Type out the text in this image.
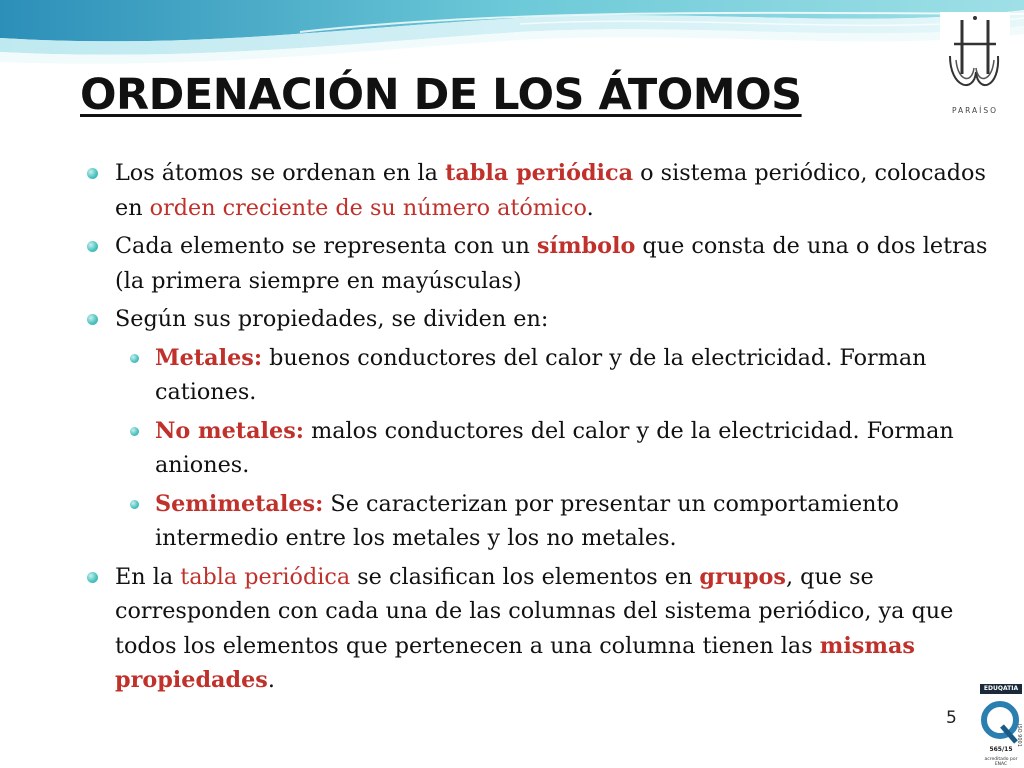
ORDENACIÓN DE LOS ÁTOMOS	PARAÍSO
Los átomos se ordenan en la tabla periódica o sistema periódico, colocados en orden creciente de su número atómico.
Cada elemento se representa con un símbolo que consta de una o dos letras (la primera siempre en mayúsculas)
Según sus propiedades, se dividen en:
Metales: buenos conductores del calor y de la electricidad. Forman cationes.
No metales: malos conductores del calor y de la electricidad. Forman aniones.
Semimetales: Se caracterizan por presentar un comportamiento intermedio entre los metales y los no metales.
En la tabla periódica se clasifican los elementos en grupos, que se corresponden con cada una de las columnas del sistema periódico, ya que todos los elementos que pertenecen a una columna tienen las mismas propiedades.
5
EDUQATIA
ISO 9001
565/15
acreditado por ENAC
